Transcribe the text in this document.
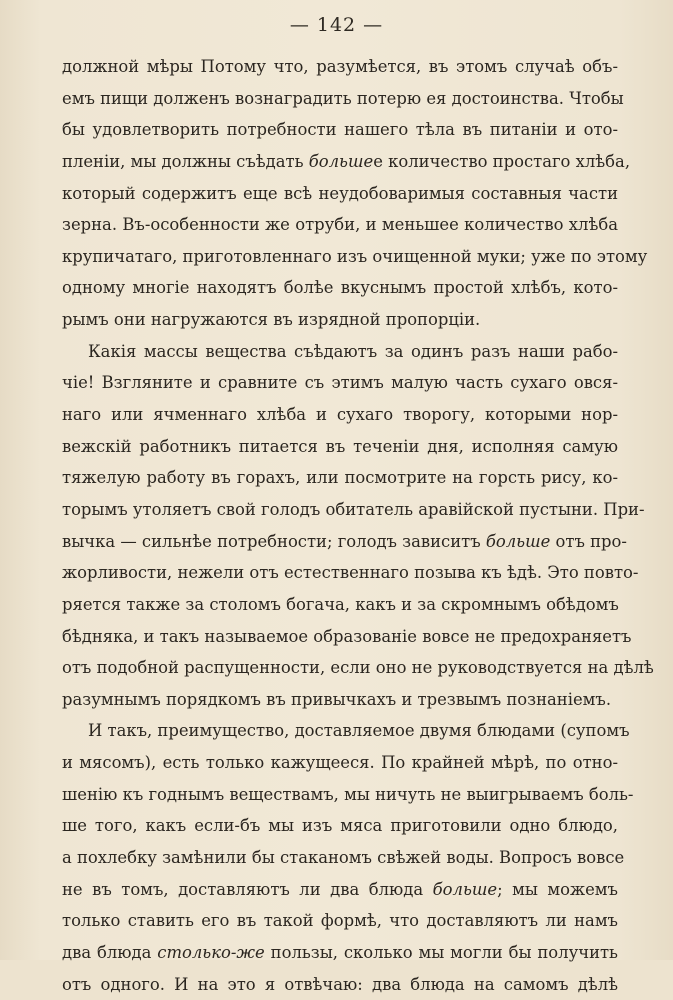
— 142 —
должной мѣры Потому что, разумѣется, въ этомъ случаѣ объ-
емъ пищи долженъ вознаградить потерю ея достоинства. Чтобы
бы удовлетворить потребности нашего тѣла въ питаніи и ото-
пленіи, мы должны съѣдать большее количество простаго хлѣба,
который содержитъ еще всѣ неудобоваримыя составныя части
зерна. Въ-особенности же отруби, и меньшее количество хлѣба
крупичатаго, приготовленнаго изъ очищенной муки; уже по этому
одному многіе находятъ болѣе вкуснымъ простой хлѣбъ, кото-
рымъ они нагружаются въ изрядной пропорціи.
Какія массы вещества съѣдаютъ за одинъ разъ наши рабо-
чіе! Взгляните и сравните съ этимъ малую часть сухаго овся-
наго или ячменнаго хлѣба и сухаго творогу, которыми нор-
вежскій работникъ питается въ теченіи дня, исполняя самую
тяжелую работу въ горахъ, или посмотрите на горсть рису, ко-
торымъ утоляетъ свой голодъ обитатель аравійской пустыни. При-
вычка — сильнѣе потребности; голодъ зависитъ больше отъ про-
жорливости, нежели отъ естественнаго позыва къ ѣдѣ. Это повто-
ряется также за столомъ богача, какъ и за скромнымъ обѣдомъ
бѣдняка, и такъ называемое образованіе вовсе не предохраняетъ
отъ подобной распущенности, если оно не руководствуется на дѣлѣ
разумнымъ порядкомъ въ привычкахъ и трезвымъ познаніемъ.
И такъ, преимущество, доставляемое двумя блюдами (супомъ
и мясомъ), есть только кажущееся. По крайней мѣрѣ, по отно-
шенію къ годнымъ веществамъ, мы ничуть не выигрываемъ боль-
ше того, какъ если-бъ мы изъ мяса приготовили одно блюдо,
а похлебку замѣнили бы стаканомъ свѣжей воды. Вопросъ вовсе
не въ томъ, доставляютъ ли два блюда больше; мы можемъ
только ставить его въ такой формѣ, что доставляютъ ли намъ
два блюда столько-же пользы, сколько мы могли бы получить
отъ одного. И на это я отвѣчаю: два блюда на самомъ дѣлѣ
